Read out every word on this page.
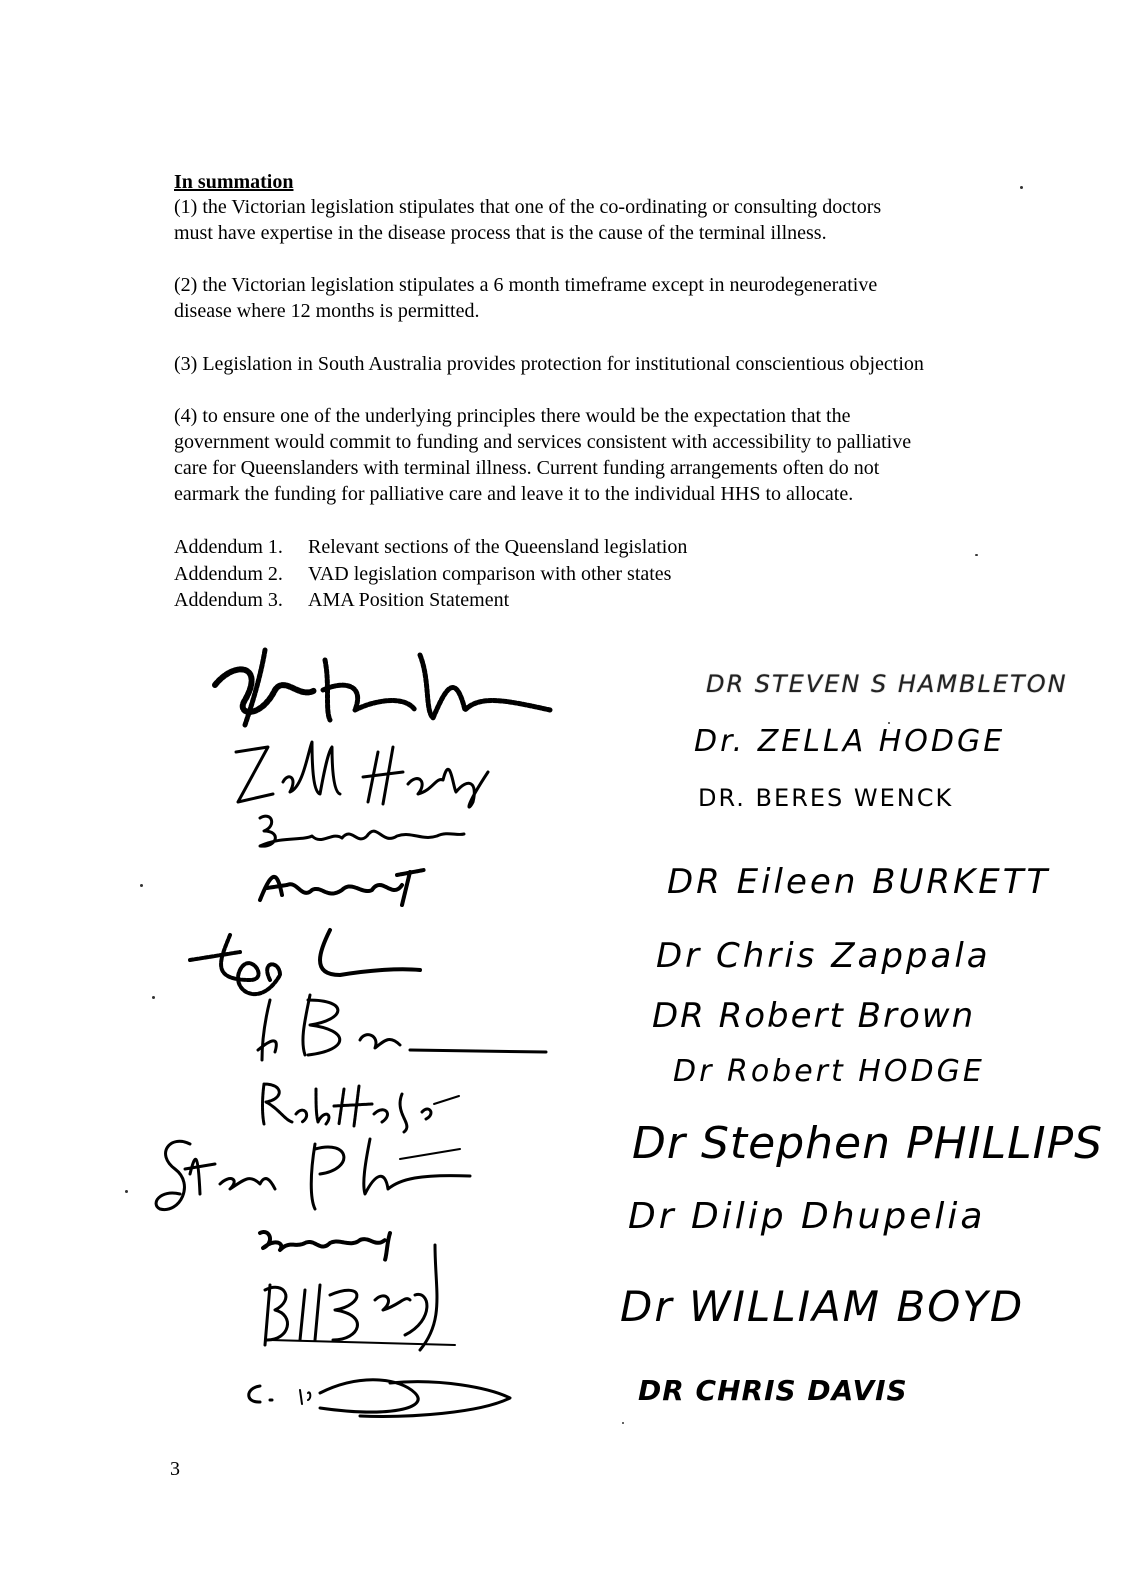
In summation

(1) the Victorian legislation stipulates that one of the co-ordinating or consulting doctors

must have expertise in the disease process that is the cause of the terminal illness.

(2) the Victorian legislation stipulates a 6 month timeframe except in neurodegenerative

disease where 12 months is permitted.

(3) Legislation in South Australia provides protection for institutional conscientious objection

(4) to ensure one of the underlying principles there would be the expectation that the

government would commit to funding and services consistent with accessibility to palliative

care for Queenslanders with terminal illness. Current funding arrangements often do not

earmark the funding for palliative care and leave it to the individual HHS to allocate.

Addendum 1. Relevant sections of the Queensland legislation
Addendum 2. VAD legislation comparison with other states
Addendum 3. AMA Position Statement
DR STEVEN S HAMBLETON
Dr. ZELLA HODGE
DR. BERES WENCK
DR Eileen BURKETT
Dr Chris Zappala
DR Robert Brown
Dr Robert HODGE
Dr Stephen PHILLIPS
Dr Dilip Dhupelia
Dr WILLIAM BOYD
DR CHRIS DAVIS
3
